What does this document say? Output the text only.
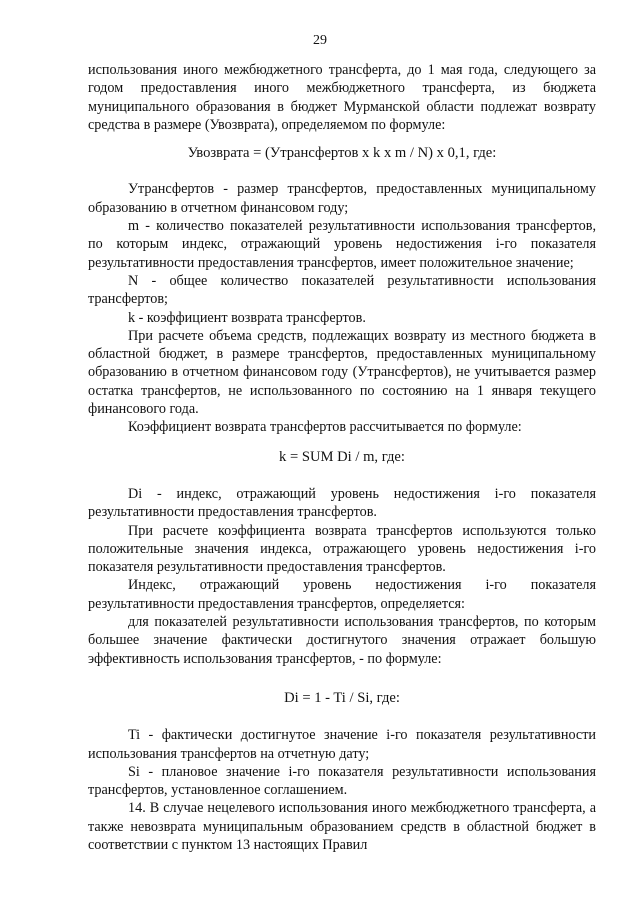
29

использования иного межбюджетного трансферта, до 1 мая года, следующего за годом предоставления иного межбюджетного трансферта, из бюджета муниципального образования в бюджет Мурманской области подлежат возврату средства в размере (Увозврата), определяемом по формуле:

Увозврата = (Утрансфертов x k x m / N) x 0,1, где:

Утрансфертов - размер трансфертов, предоставленных муниципальному образованию в отчетном финансовом году;

m - количество показателей результативности использования трансфертов, по которым индекс, отражающий уровень недостижения i-го показателя результативности предоставления трансфертов, имеет положительное значение;

N - общее количество показателей результативности использования трансфертов;

k - коэффициент возврата трансфертов.

При расчете объема средств, подлежащих возврату из местного бюджета в областной бюджет, в размере трансфертов, предоставленных муниципальному образованию в отчетном финансовом году (Утрансфертов), не учитывается размер остатка трансфертов, не использованного по состоянию на 1 января текущего финансового года.

Коэффициент возврата трансфертов рассчитывается по формуле:

k = SUM Di / m, где:

Di - индекс, отражающий уровень недостижения i-го показателя результативности предоставления трансфертов.

При расчете коэффициента возврата трансфертов используются только положительные значения индекса, отражающего уровень недостижения i-го показателя результативности предоставления трансфертов.

Индекс, отражающий уровень недостижения i-го показателя результативности предоставления трансфертов, определяется:

для показателей результативности использования трансфертов, по которым большее значение фактически достигнутого значения отражает большую эффективность использования трансфертов, - по формуле:

Di = 1 - Ti / Si, где:

Ti - фактически достигнутое значение i-го показателя результативности использования трансфертов на отчетную дату;

Si - плановое значение i-го показателя результативности использования трансфертов, установленное соглашением.

14. В случае нецелевого использования иного межбюджетного трансферта, а также невозврата муниципальным образованием средств в областной бюджет в соответствии с пунктом 13 настоящих Правил
